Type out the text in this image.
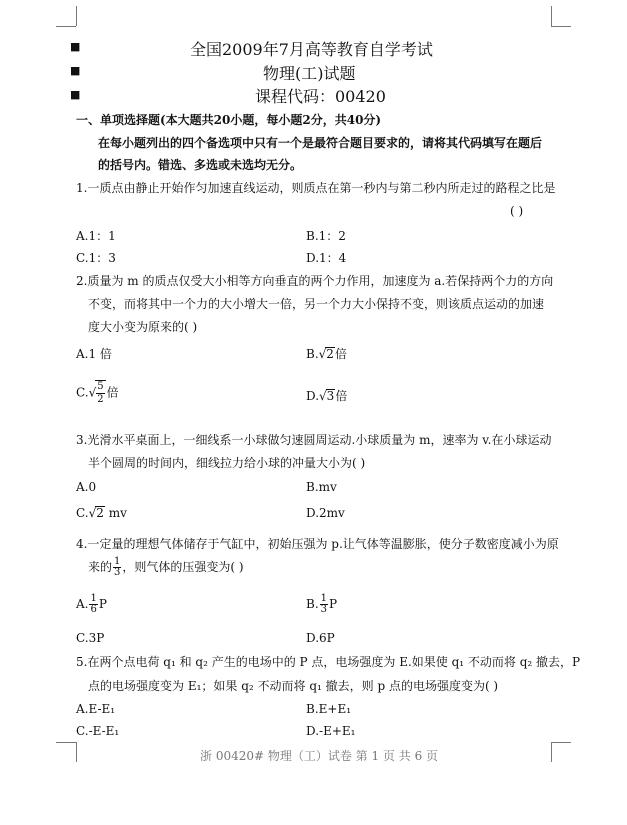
■
■
■
全国2009年7月高等教育自学考试
物理(工)试题
课程代码：00420
一、单项选择题(本大题共20小题，每小题2分，共40分)
在每小题列出的四个备选项中只有一个是最符合题目要求的，请将其代码填写在题后
的括号内。错选、多选或未选均无分。
1.一质点由静止开始作匀加速直线运动，则质点在第一秒内与第二秒内所走过的路程之比是
( )
A.1：1	B.1：2
C.1：3	D.1：4
2.质量为 m 的质点仅受大小相等方向垂直的两个力作用，加速度为 a.若保持两个力的方向
不变，而将其中一个力的大小增大一倍，另一个力大小保持不变，则该质点运动的加速
度大小变为原来的( )
A.1 倍	B.√2倍
$C.√ \frac{5}{2}$ 倍	D.√3倍
3.光滑水平桌面上，一细线系一小球做匀速圆周运动.小球质量为 m，速率为 v.在小球运动
半个圆周的时间内，细线拉力给小球的冲量大小为( )
A.0	B.mv
C.√2 mv	D.2mv
4.一定量的理想气体储存于气缸中，初始压强为 p.让气体等温膨胀，使分子数密度减小为原
来的 $\frac{1}{3}$ ，则气体的压强变为( )
A. $\frac{1}{6}$ P	B. $\frac{1}{3}$ P
C.3P	D.6P
5.在两个点电荷 q₁ 和 q₂ 产生的电场中的 P 点，电场强度为 E.如果使 q₁ 不动而将 q₂ 撤去，P
点的电场强度变为 E₁；如果 q₂ 不动而将 q₁ 撤去，则 p 点的电场强度变为( )
A.E-E₁	B.E+E₁
C.-E-E₁	D.-E+E₁
浙 00420# 物理（工）试卷 第 1 页 共 6 页
